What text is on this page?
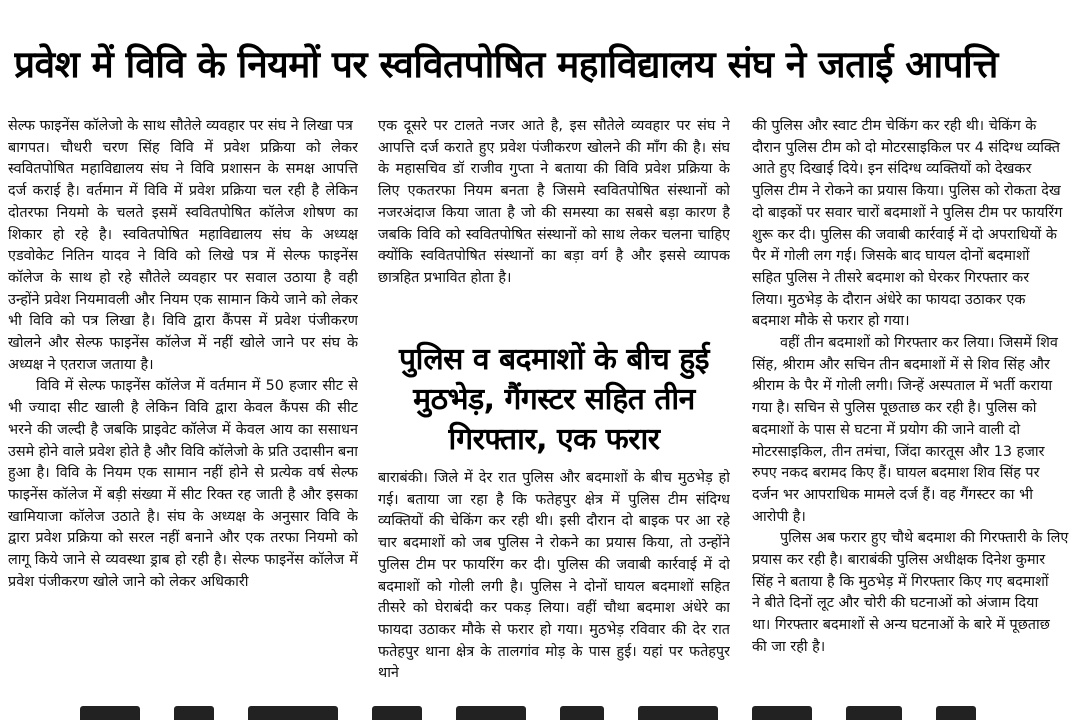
प्रवेश में विवि के नियमों पर स्ववितपोषित महाविद्यालय संघ ने जताई आपत्ति

सेल्फ फाइनेंस कॉलेजो के साथ सौतेले व्यवहार पर संघ ने लिखा पत्र

बागपत। चौधरी चरण सिंह विवि में प्रवेश प्रक्रिया को लेकर स्ववितपोषित महाविद्यालय संघ ने विवि प्रशासन के समक्ष आपत्ति दर्ज कराई है। वर्तमान में विवि में प्रवेश प्रक्रिया चल रही है लेकिन दोतरफा नियमो के चलते इसमें स्ववितपोषित कॉलेज शोषण का शिकार हो रहे है। स्ववितपोषित महाविद्यालय संघ के अध्यक्ष एडवोकेट नितिन यादव ने विवि को लिखे पत्र में सेल्फ फाइनेंस कॉलेज के साथ हो रहे सौतेले व्यवहार पर सवाल उठाया है वही उन्होंने प्रवेश नियमावली और नियम एक सामान किये जाने को लेकर भी विवि को पत्र लिखा है। विवि द्वारा कैंपस में प्रवेश पंजीकरण खोलने और सेल्फ फाइनेंस कॉलेज में नहीं खोले जाने पर संघ के अध्यक्ष ने एतराज जताया है।

विवि में सेल्फ फाइनेंस कॉलेज में वर्तमान में 50 हजार सीट से भी ज्यादा सीट खाली है लेकिन विवि द्वारा केवल कैंपस की सीट भरने की जल्दी है जबकि प्राइवेट कॉलेज में केवल आय का ससाधन उसमे होने वाले प्रवेश होते है और विवि कॉलेजो के प्रति उदासीन बना हुआ है। विवि के नियम एक सामान नहीं होने से प्रत्येक वर्ष सेल्फ फाइनेंस कॉलेज में बड़ी संख्या में सीट रिक्त रह जाती है और इसका खामियाजा कॉलेज उठाते है। संघ के अध्यक्ष के अनुसार विवि के द्वारा प्रवेश प्रक्रिया को सरल नहीं बनाने और एक तरफा नियमो को लागू किये जाने से व्यवस्था ड्राब हो रही है। सेल्फ फाइनेंस कॉलेज में प्रवेश पंजीकरण खोले जाने को लेकर अधिकारी

एक दूसरे पर टालते नजर आते है, इस सौतेले व्यवहार पर संघ ने आपत्ति दर्ज कराते हुए प्रवेश पंजीकरण खोलने की माँग की है। संघ के महासचिव डॉ राजीव गुप्ता ने बताया की विवि प्रवेश प्रक्रिया के लिए एकतरफा नियम बनता है जिसमे स्ववितपोषित संस्थानों को नजरअंदाज किया जाता है जो की समस्या का सबसे बड़ा कारण है जबकि विवि को स्ववितपोषित संस्थानों को साथ लेकर चलना चाहिए क्योंकि स्ववितपोषित संस्थानों का बड़ा वर्ग है और इससे व्यापक छात्रहित प्रभावित होता है।

पुलिस व बदमाशों के बीच हुई मुठभेड़, गैंगस्टर सहित तीन गिरफ्तार, एक फरार

बाराबंकी। जिले में देर रात पुलिस और बदमाशों के बीच मुठभेड़ हो गई। बताया जा रहा है कि फतेहपुर क्षेत्र में पुलिस टीम संदिग्ध व्यक्तियों की चेकिंग कर रही थी। इसी दौरान दो बाइक पर आ रहे चार बदमाशों को जब पुलिस ने रोकने का प्रयास किया, तो उन्होंने पुलिस टीम पर फायरिंग कर दी। पुलिस की जवाबी कार्रवाई में दो बदमाशों को गोली लगी है। पुलिस ने दोनों घायल बदमाशों सहित तीसरे को घेराबंदी कर पकड़ लिया। वहीं चौथा बदमाश अंधेरे का फायदा उठाकर मौके से फरार हो गया। मुठभेड़ रविवार की देर रात फतेहपुर थाना क्षेत्र के तालगांव मोड़ के पास हुई। यहां पर फतेहपुर थाने

की पुलिस और स्वाट टीम चेकिंग कर रही थी। चेकिंग के
दौरान पुलिस टीम को दो मोटरसाइकिल पर 4 संदिग्ध व्यक्ति
आते हुए दिखाई दिये। इन संदिग्ध व्यक्तियों को देखकर
पुलिस टीम ने रोकने का प्रयास किया। पुलिस को रोकता देख
दो बाइकों पर सवार चारों बदमाशों ने पुलिस टीम पर फायरिंग
शुरू कर दी। पुलिस की जवाबी कार्रवाई में दो अपराधियों के
पैर में गोली लग गई। जिसके बाद घायल दोनों बदमाशों
सहित पुलिस ने तीसरे बदमाश को घेरकर गिरफ्तार कर
लिया। मुठभेड़ के दौरान अंधेरे का फायदा उठाकर एक
बदमाश मौके से फरार हो गया।
वहीं तीन बदमाशों को गिरफ्तार कर लिया। जिसमें शिव
सिंह, श्रीराम और सचिन तीन बदमाशों में से शिव सिंह और
श्रीराम के पैर में गोली लगी। जिन्हें अस्पताल में भर्ती कराया
गया है। सचिन से पुलिस पूछताछ कर रही है। पुलिस को
बदमाशों के पास से घटना में प्रयोग की जाने वाली दो
मोटरसाइकिल, तीन तमंचा, जिंदा कारतूस और 13 हजार
रुपए नकद बरामद किए हैं। घायल बदमाश शिव सिंह पर
दर्जन भर आपराधिक मामले दर्ज हैं। वह गैंगस्टर का भी
आरोपी है।
पुलिस अब फरार हुए चौथे बदमाश की गिरफ्तारी के लिए
प्रयास कर रही है। बाराबंकी पुलिस अधीक्षक दिनेश कुमार
सिंह ने बताया है कि मुठभेड़ में गिरफ्तार किए गए बदमाशों
ने बीते दिनों लूट और चोरी की घटनाओं को अंजाम दिया
था। गिरफ्तार बदमाशों से अन्य घटनाओं के बारे में पूछताछ
की जा रही है।
